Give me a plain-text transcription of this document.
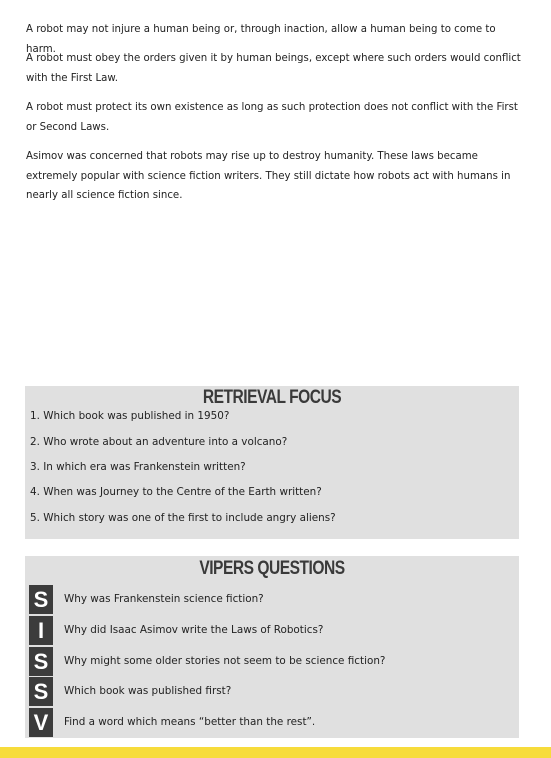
A robot may not injure a human being or, through inaction, allow a human being to come to harm.

A robot must obey the orders given it by human beings, except where such orders would conflict with the First Law.

A robot must protect its own existence as long as such protection does not conflict with the First or Second Laws.

Asimov was concerned that robots may rise up to destroy humanity. These laws became extremely popular with science fiction writers. They still dictate how robots act with humans in nearly all science fiction since.

RETRIEVAL FOCUS
1. Which book was published in 1950?
2. Who wrote about an adventure into a volcano?
3. In which era was Frankenstein written?
4. When was Journey to the Centre of the Earth written?
5. Which story was one of the first to include angry aliens?
VIPERS QUESTIONS
S	Why was Frankenstein science fiction?
I	Why did Isaac Asimov write the Laws of Robotics?
S	Why might some older stories not seem to be science fiction?
S	Which book was published first?
V	Find a word which means “better than the rest”.
